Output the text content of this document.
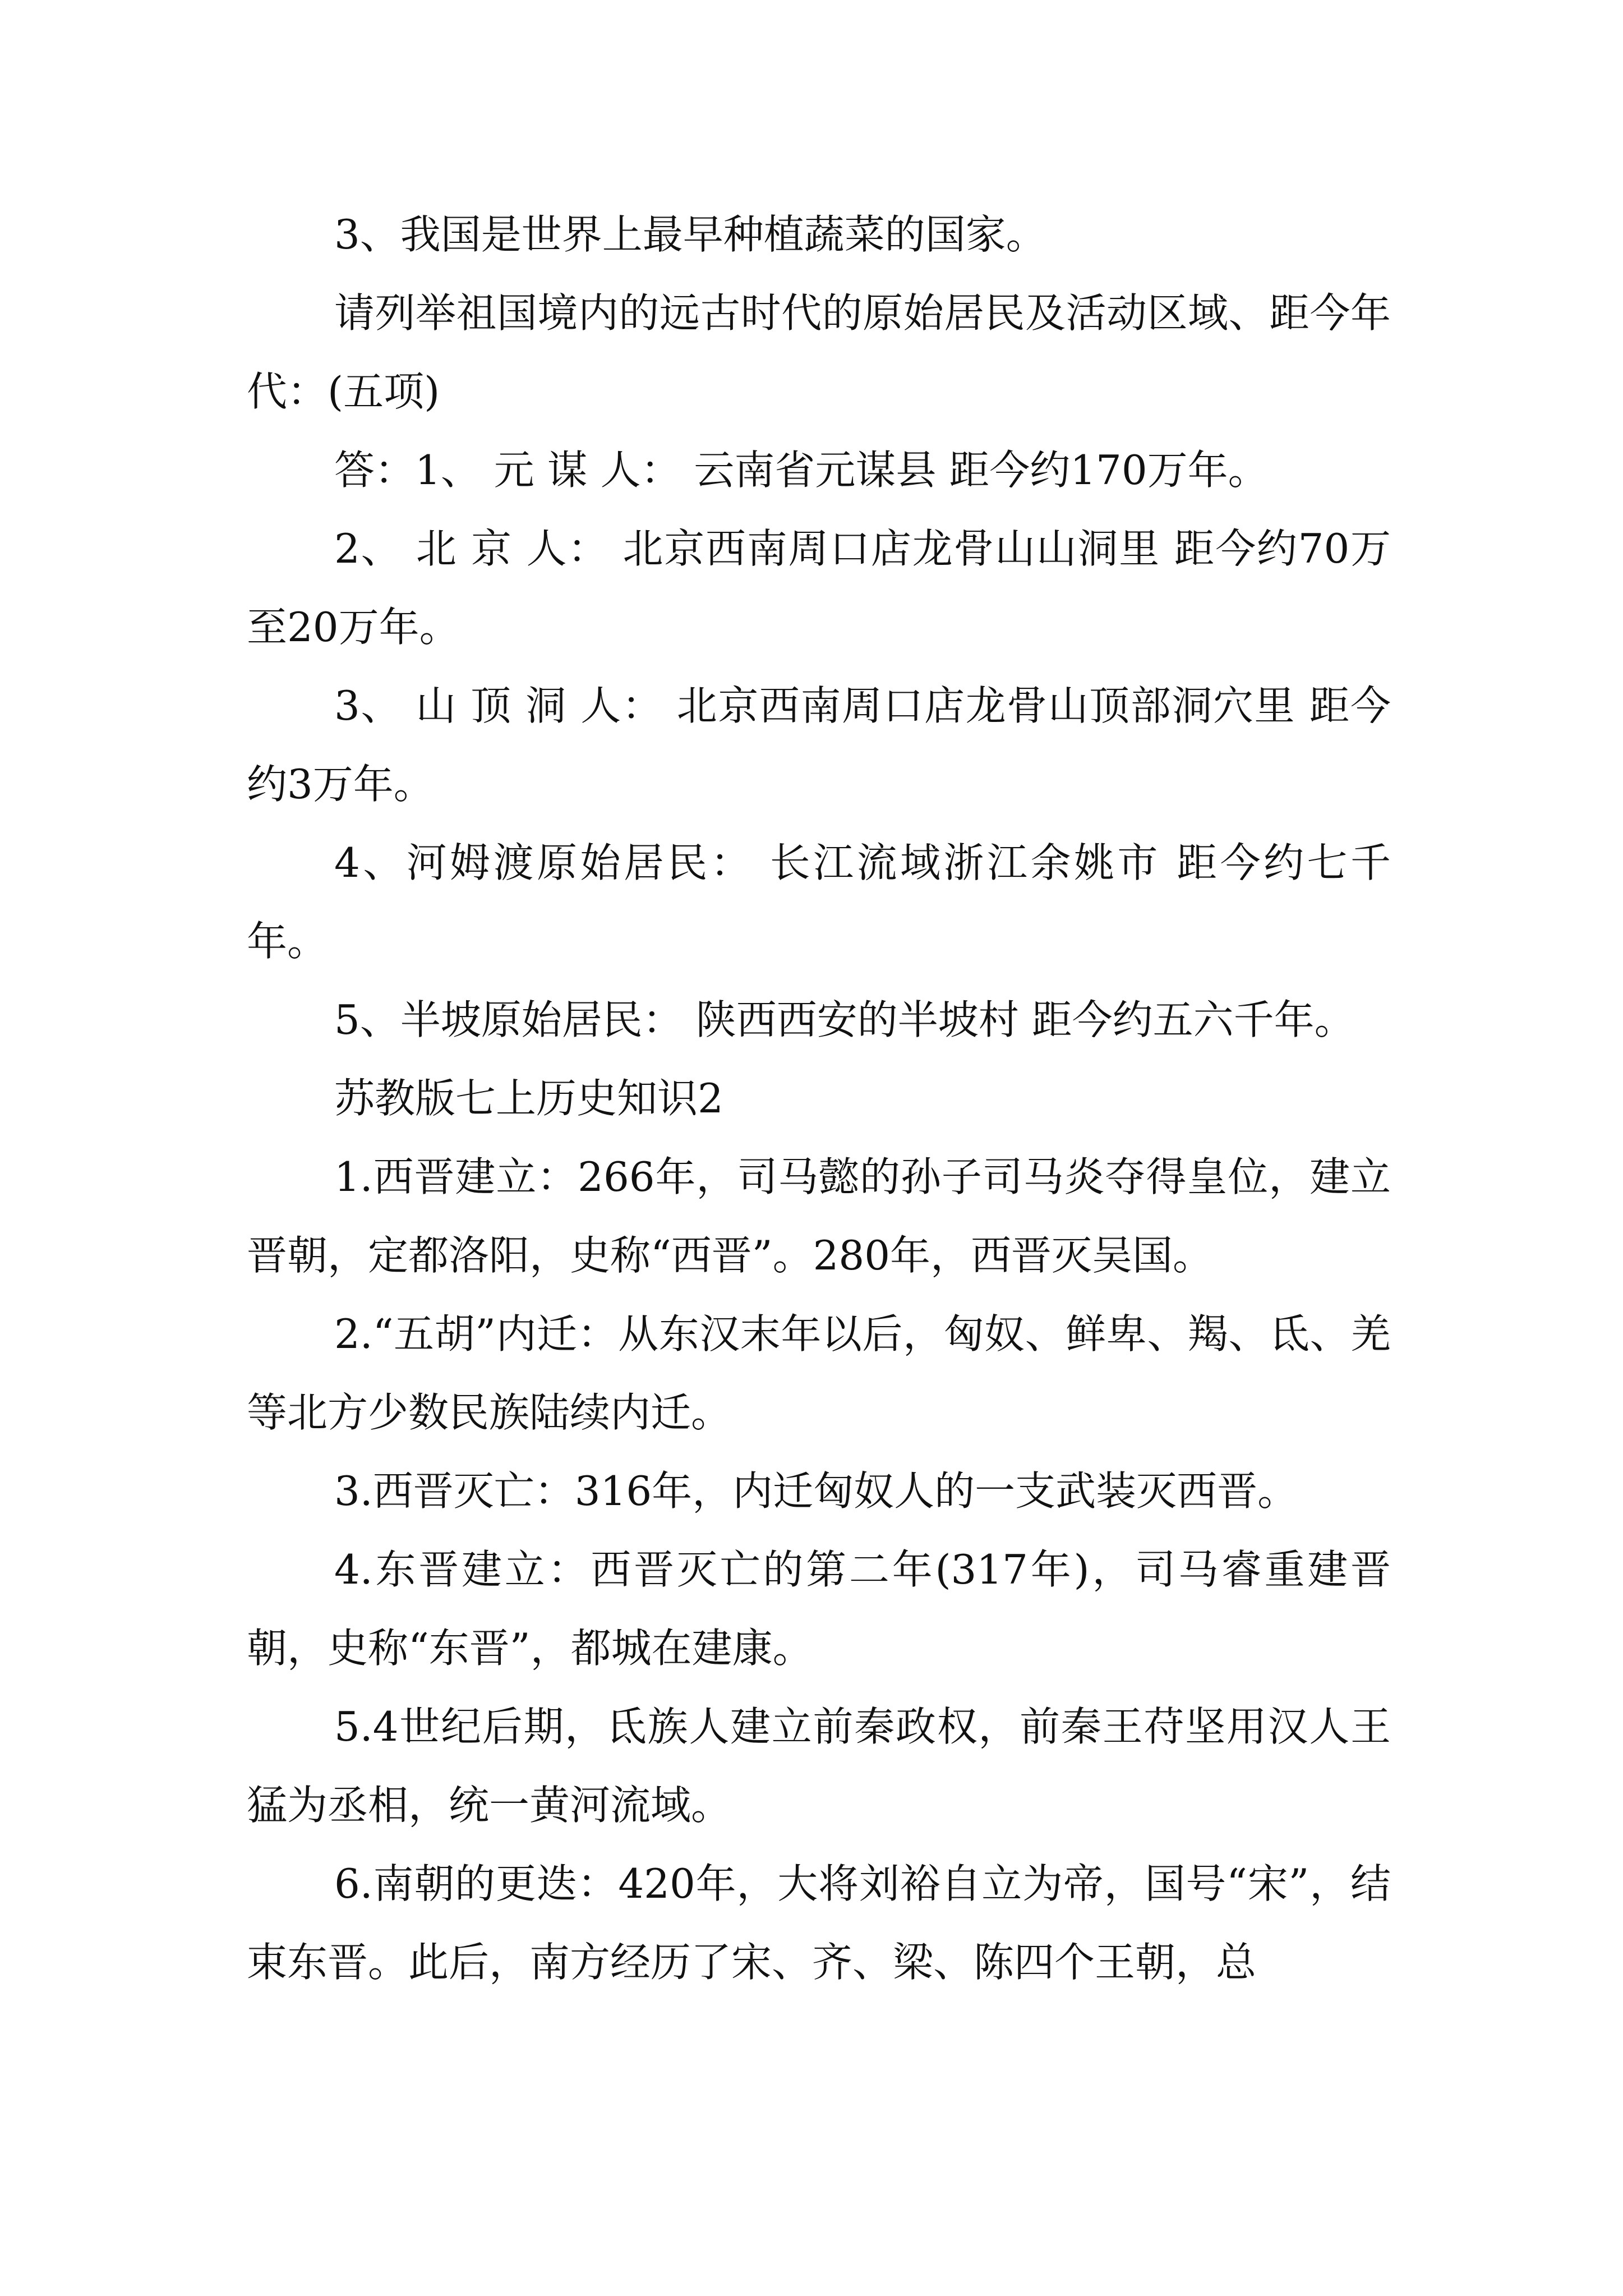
3、我国是世界上最早种植蔬菜的国家。

请列举祖国境内的远古时代的原始居民及活动区域、距今年代：(五项)

答：1、 元 谋 人： 云南省元谋县 距今约170万年。

2、 北 京 人： 北京西南周口店龙骨山山洞里 距今约70万至20万年。

3、 山 顶 洞 人： 北京西南周口店龙骨山顶部洞穴里 距今约3万年。

4、河姆渡原始居民： 长江流域浙江余姚市 距今约七千年。

5、半坡原始居民： 陕西西安的半坡村 距今约五六千年。

苏教版七上历史知识2

1.西晋建立：266年，司马懿的孙子司马炎夺得皇位，建立晋朝，定都洛阳，史称“西晋”。280年，西晋灭吴国。

2.“五胡”内迁：从东汉末年以后，匈奴、鲜卑、羯、氐、羌等北方少数民族陆续内迁。

3.西晋灭亡：316年，内迁匈奴人的一支武装灭西晋。

4.东晋建立：西晋灭亡的第二年(317年)，司马睿重建晋朝，史称“东晋”，都城在建康。

5.4世纪后期，氐族人建立前秦政权，前秦王苻坚用汉人王猛为丞相，统一黄河流域。

6.南朝的更迭：420年，大将刘裕自立为帝，国号“宋”，结束东晋。此后，南方经历了宋、齐、梁、陈四个王朝，总
